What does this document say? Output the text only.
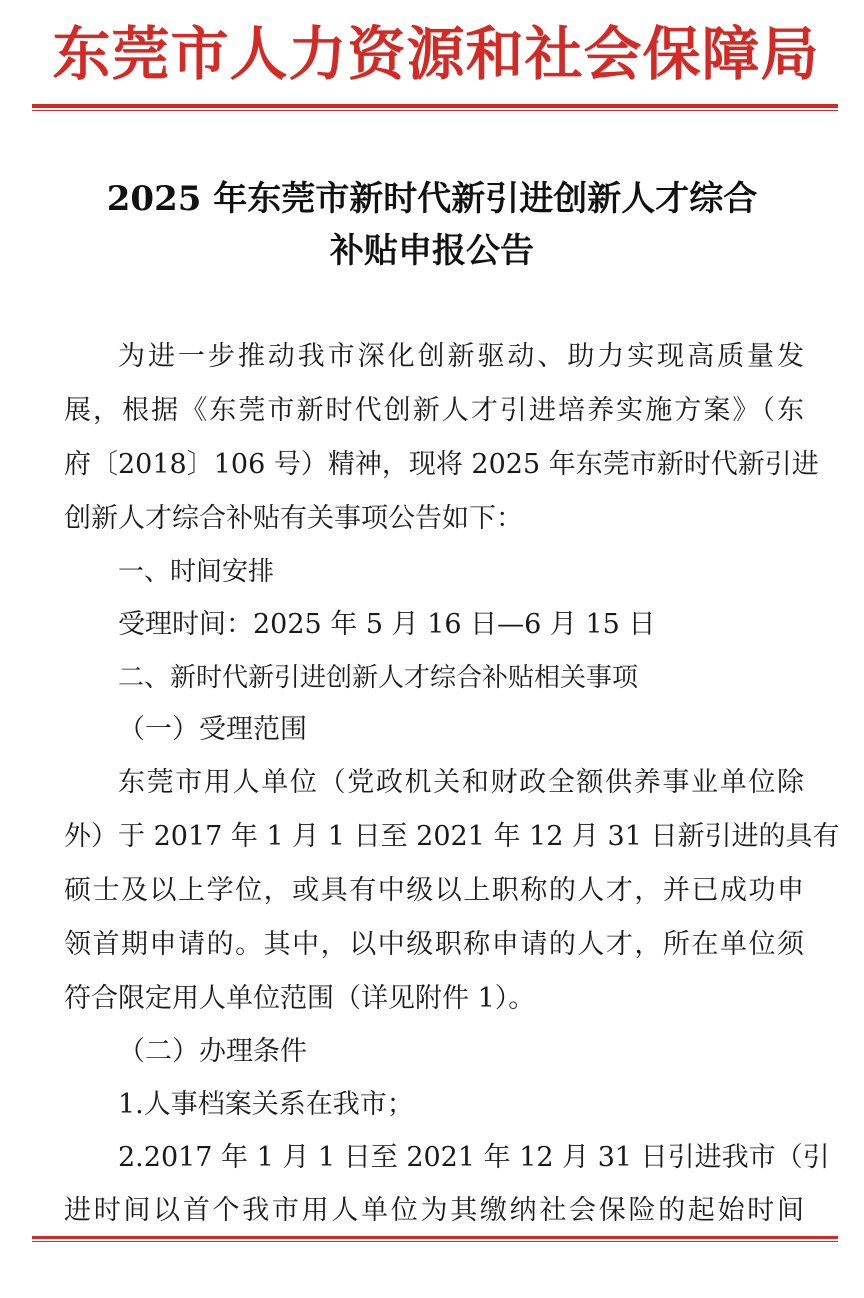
东莞市人力资源和社会保障局
2025 年东莞市新时代新引进创新人才综合
补贴申报公告
为进一步推动我市深化创新驱动、助力实现高质量发
展，根据《东莞市新时代创新人才引进培养实施方案》（东
府〔2018〕106 号）精神，现将 2025 年东莞市新时代新引进
创新人才综合补贴有关事项公告如下：
一、时间安排
受理时间：2025 年 5 月 16 日—6 月 15 日
二、新时代新引进创新人才综合补贴相关事项
（一）受理范围
东莞市用人单位（党政机关和财政全额供养事业单位除
外）于 2017 年 1 月 1 日至 2021 年 12 月 31 日新引进的具有
硕士及以上学位，或具有中级以上职称的人才，并已成功申
领首期申请的。其中，以中级职称申请的人才，所在单位须
符合限定用人单位范围（详见附件 1）。
（二）办理条件
1.人事档案关系在我市；
2.2017 年 1 月 1 日至 2021 年 12 月 31 日引进我市（引
进时间以首个我市用人单位为其缴纳社会保险的起始时间
